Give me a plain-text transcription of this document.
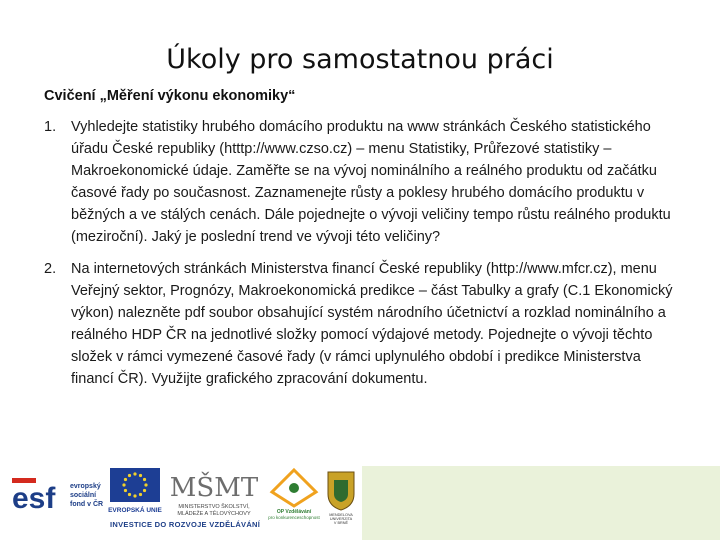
Úkoly pro samostatnou práci
Cvičení „Měření výkonu ekonomiky“
1. Vyhledejte statistiky hrubého domácího produktu na www stránkách Českého statistického úřadu České republiky (htttp://www.czso.cz) – menu Statistiky, Průřezové statistiky – Makroekonomické údaje. Zaměřte se na vývoj nominálního a reálného produktu od začátku časové řady po současnost. Zaznamenejte růsty a poklesy hrubého domácího produktu v běžných a ve stálých cenách. Dále pojednejte o vývoji veličiny tempo růstu reálného produktu (meziroční). Jaký je poslední trend ve vývoji této veličiny?
2. Na internetových stránkách Ministerstva financí České republiky (http://www.mfcr.cz), menu Veřejný sektor, Prognózy, Makroekonomická predikce – část Tabulky a grafy (C.1 Ekonomický výkon) nalezněte pdf soubor obsahující systém národního účetnictví a rozklad nominálního a reálného HDP ČR na jednotlivé složky pomocí výdajové metody. Pojednejte o vývoji těchto složek v rámci vymezené časové řady (v rámci uplynulého období i predikce Ministerstva financí ČR). Využijte grafického zpracování dokumentu.
esf evropský
sociální
fond v ČR
EVROPSKÁ UNIE
MŠMT
MINISTERSTVO ŠKOLSTVÍ,
MLÁDEŽE A TĚLOVÝCHOVY	OP Vzdělávání
pro konkurenceschopnost MENDELOVA
UNIVERZITA
V BRNĚ
INVESTICE DO ROZVOJE VZDĚLÁVÁNÍ
